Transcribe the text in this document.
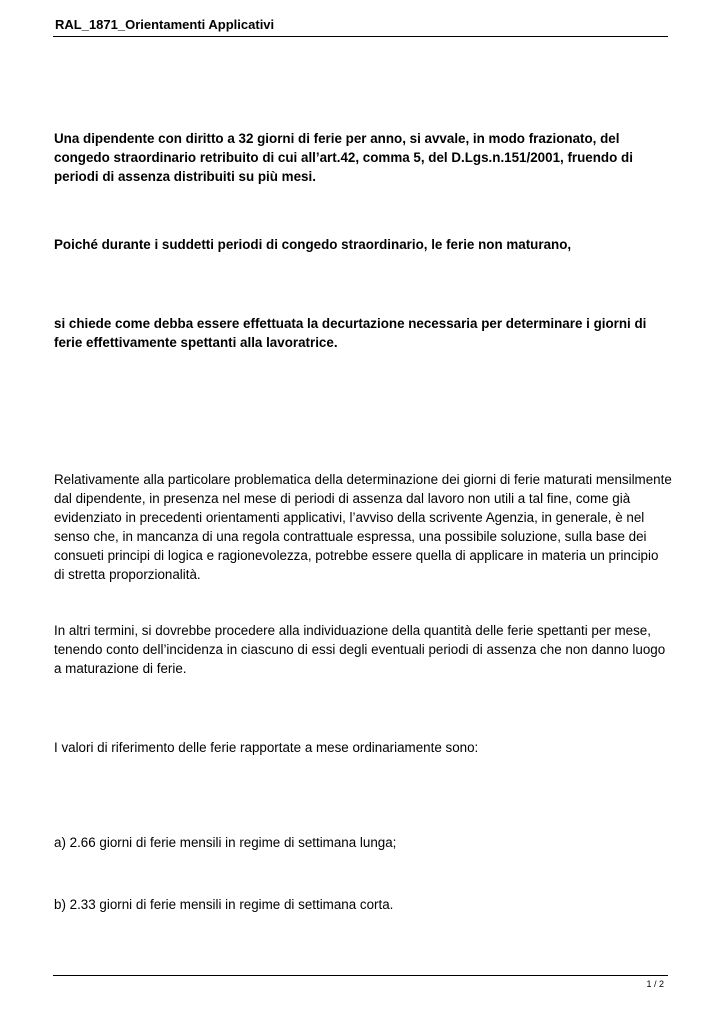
RAL_1871_Orientamenti Applicativi

Una dipendente con diritto a 32 giorni di ferie per anno, si avvale, in modo frazionato, del congedo straordinario retribuito di cui all’art.42, comma 5, del D.Lgs.n.151/2001, fruendo di periodi di assenza distribuiti su più mesi.

Poiché durante i suddetti periodi di congedo straordinario, le ferie non maturano,

si chiede come debba essere effettuata la decurtazione necessaria per determinare i giorni di ferie effettivamente spettanti alla lavoratrice.

Relativamente alla particolare problematica della determinazione dei giorni di ferie maturati mensilmente dal dipendente, in presenza nel mese di periodi di assenza dal lavoro non utili a tal fine, come già evidenziato in precedenti orientamenti applicativi, l’avviso della scrivente Agenzia, in generale, è nel senso che, in mancanza di una regola contrattuale espressa, una possibile soluzione, sulla base dei consueti principi di logica e ragionevolezza, potrebbe essere quella di applicare in materia un principio di stretta proporzionalità.

In altri termini, si dovrebbe procedere alla individuazione della quantità delle ferie spettanti per mese, tenendo conto dell’incidenza in ciascuno di essi degli eventuali periodi di assenza che non danno luogo a maturazione di ferie.

I valori di riferimento delle ferie rapportate a mese ordinariamente sono:

a) 2.66 giorni di ferie mensili in regime di settimana lunga;

b) 2.33 giorni di ferie mensili in regime di settimana corta.

1 / 2
